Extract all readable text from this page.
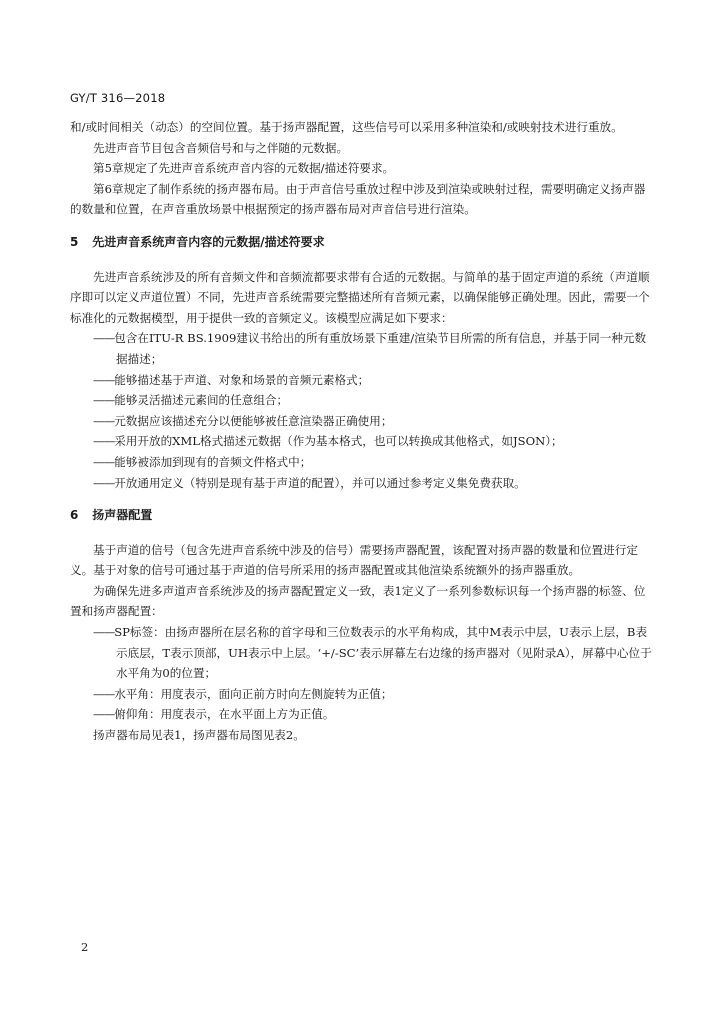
GY/T 316—2018

和/或时间相关（动态）的空间位置。基于扬声器配置，这些信号可以采用多种渲染和/或映射技术进行重放。

先进声音节目包含音频信号和与之伴随的元数据。

第5章规定了先进声音系统声音内容的元数据/描述符要求。

第6章规定了制作系统的扬声器布局。由于声音信号重放过程中涉及到渲染或映射过程，需要明确定义扬声器的数量和位置，在声音重放场景中根据预定的扬声器布局对声音信号进行渲染。

5 先进声音系统声音内容的元数据/描述符要求

先进声音系统涉及的所有音频文件和音频流都要求带有合适的元数据。与简单的基于固定声道的系统（声道顺序即可以定义声道位置）不同，先进声音系统需要完整描述所有音频元素，以确保能够正确处理。因此，需要一个标准化的元数据模型，用于提供一致的音频定义。该模型应满足如下要求：

——包含在ITU-R BS.1909建议书给出的所有重放场景下重建/渲染节目所需的所有信息，并基于同一种元数据描述；

——能够描述基于声道、对象和场景的音频元素格式；

——能够灵活描述元素间的任意组合；

——元数据应该描述充分以便能够被任意渲染器正确使用；

——采用开放的XML格式描述元数据（作为基本格式，也可以转换成其他格式，如JSON）；

——能够被添加到现有的音频文件格式中；

——开放通用定义（特别是现有基于声道的配置），并可以通过参考定义集免费获取。

6 扬声器配置

基于声道的信号（包含先进声音系统中涉及的信号）需要扬声器配置，该配置对扬声器的数量和位置进行定义。基于对象的信号可通过基于声道的信号所采用的扬声器配置或其他渲染系统额外的扬声器重放。

为确保先进多声道声音系统涉及的扬声器配置定义一致，表1定义了一系列参数标识每一个扬声器的标签、位置和扬声器配置：

——SP标签：由扬声器所在层名称的首字母和三位数表示的水平角构成，其中M表示中层，U表示上层，B表示底层，T表示顶部，UH表示中上层。‘+/-SC’表示屏幕左右边缘的扬声器对（见附录A），屏幕中心位于水平角为0的位置；

——水平角：用度表示，面向正前方时向左侧旋转为正值；

——俯仰角：用度表示，在水平面上方为正值。

扬声器布局见表1，扬声器布局图见表2。

2
